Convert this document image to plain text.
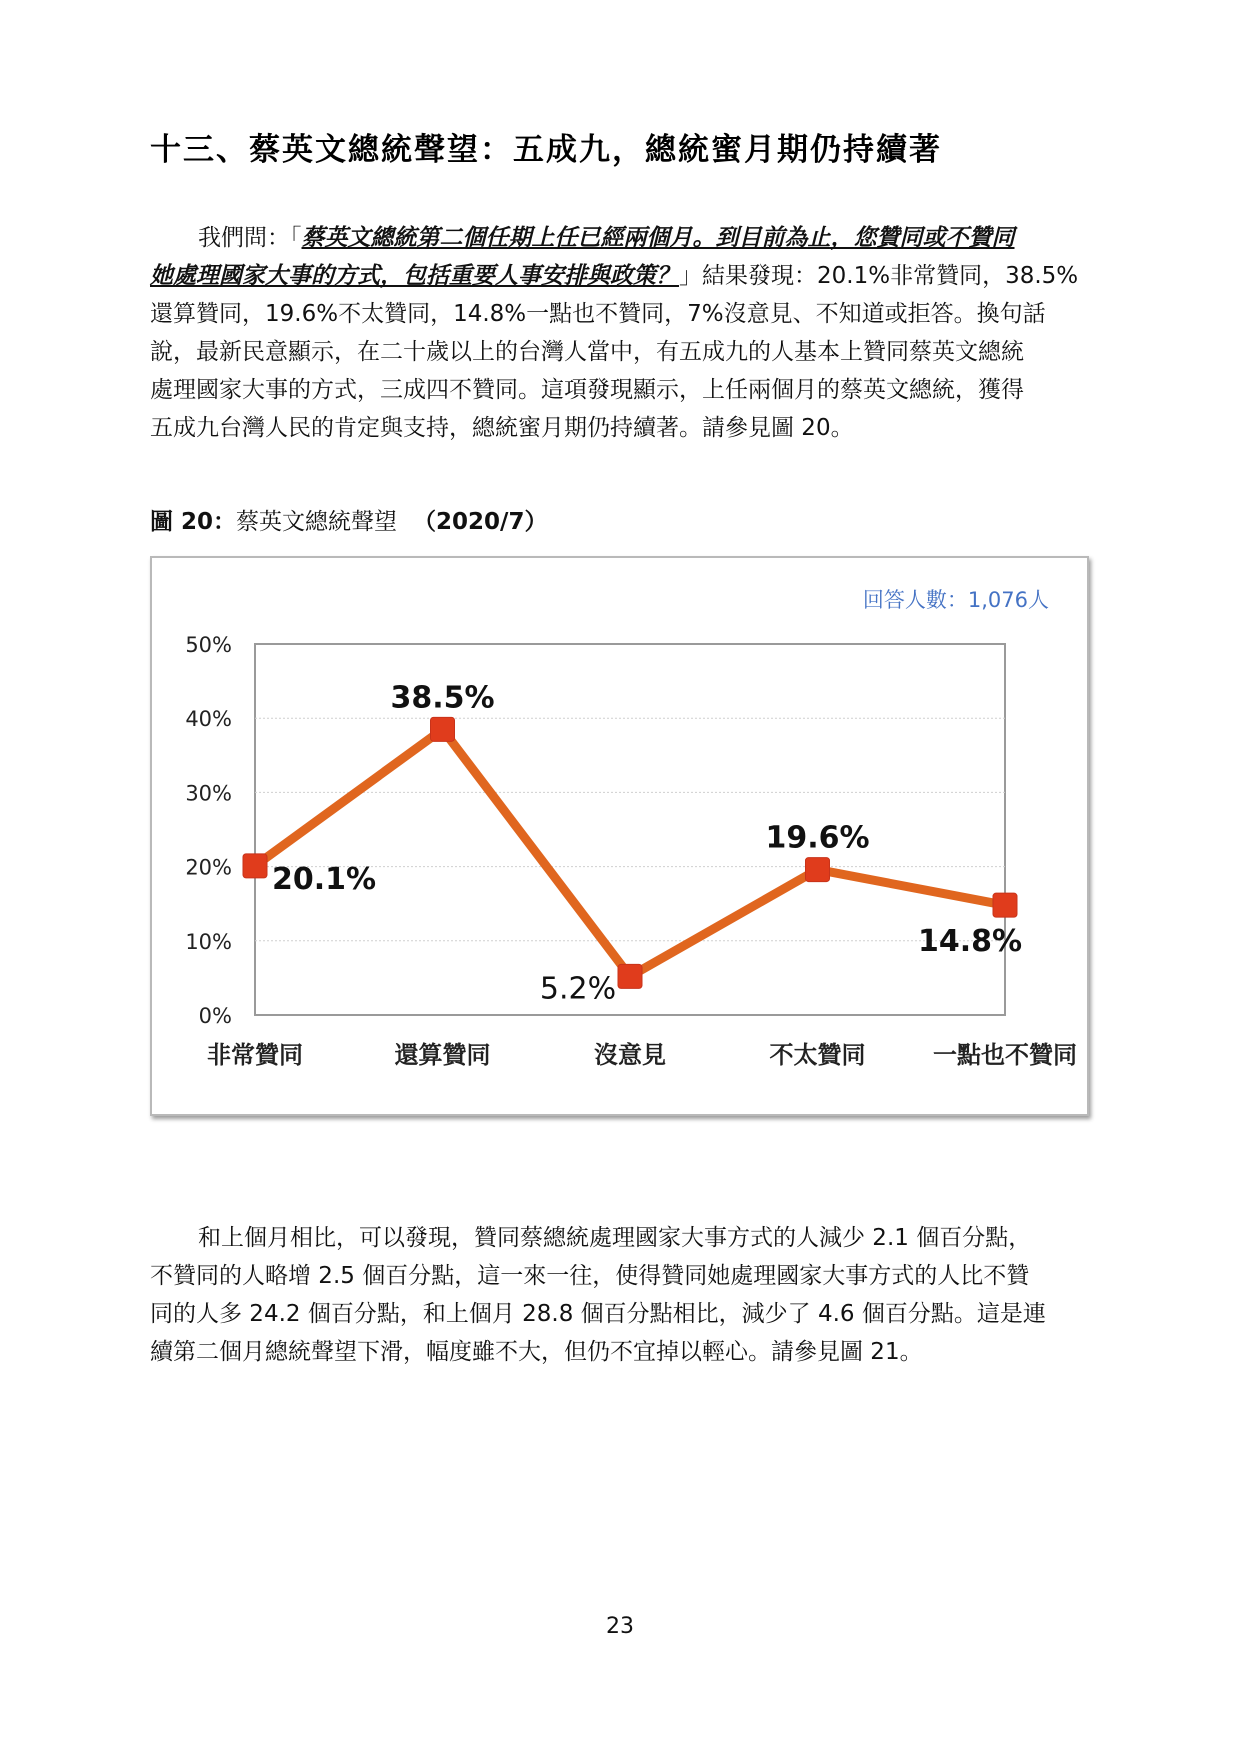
十三、蔡英文總統聲望：五成九，總統蜜月期仍持續著
我們問：「蔡英文總統第二個任期上任已經兩個月。到目前為止，您贊同或不贊同
她處理國家大事的方式，包括重要人事安排與政策？」結果發現：20.1%非常贊同，38.5%
還算贊同，19.6%不太贊同，14.8%一點也不贊同，7%沒意見、不知道或拒答。換句話
說，最新民意顯示，在二十歲以上的台灣人當中，有五成九的人基本上贊同蔡英文總統
處理國家大事的方式，三成四不贊同。這項發現顯示，上任兩個月的蔡英文總統，獲得
五成九台灣人民的肯定與支持，總統蜜月期仍持續著。請參見圖 20。
圖 20：蔡英文總統聲望 （2020/7）
0%
10%
20%
30%
40%
50%
非常贊同	還算贊同	沒意見	不太贊同	一點也不贊同
20.1%
38.5%
5.2%
19.6%
14.8%
回答人數：1,076人
和上個月相比，可以發現，贊同蔡總統處理國家大事方式的人減少 2.1 個百分點，
不贊同的人略增 2.5 個百分點，這一來一往，使得贊同她處理國家大事方式的人比不贊
同的人多 24.2 個百分點，和上個月 28.8 個百分點相比，減少了 4.6 個百分點。這是連
續第二個月總統聲望下滑，幅度雖不大，但仍不宜掉以輕心。請參見圖 21。
23
